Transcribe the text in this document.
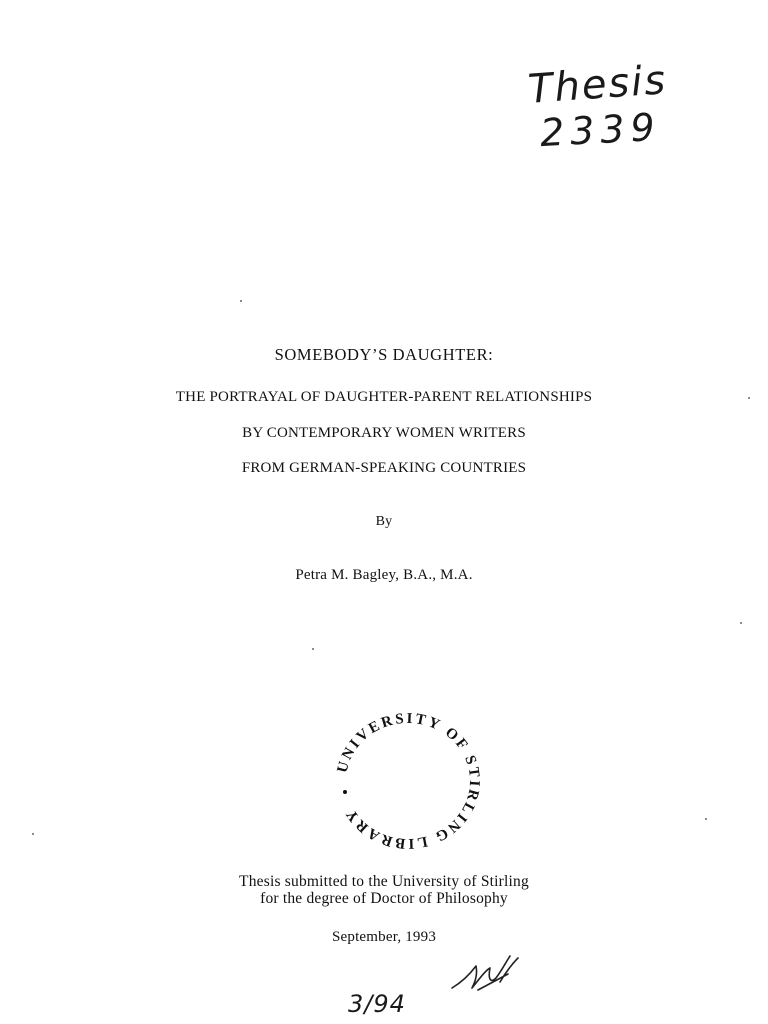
Thesis
2339
SOMEBODY’S DAUGHTER:
THE PORTRAYAL OF DAUGHTER-PARENT RELATIONSHIPS
BY CONTEMPORARY WOMEN WRITERS
FROM GERMAN-SPEAKING COUNTRIES
By
Petra M. Bagley, B.A., M.A.
UNIVERSITY OF STIRLING LIBRARY
Thesis submitted to the University of Stirling
for the degree of Doctor of Philosophy
September, 1993
3/94
